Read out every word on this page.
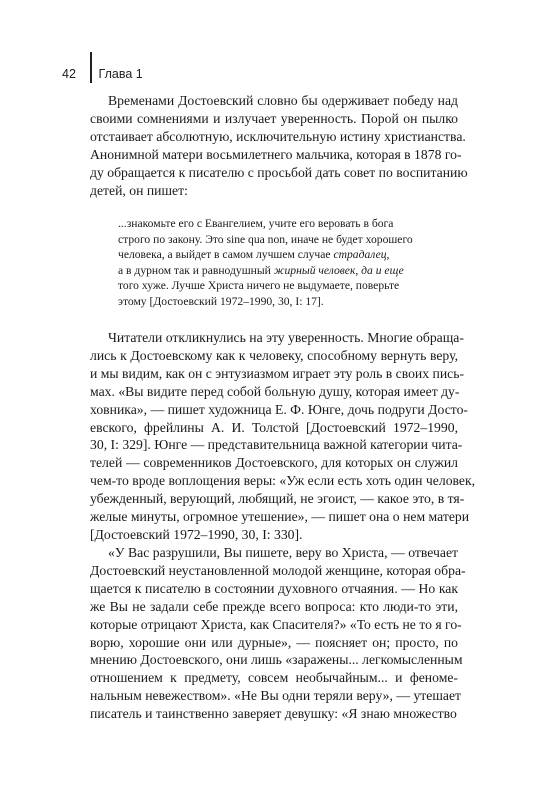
42	Глава 1
Временами Достоевский словно бы одерживает победу над
своими сомнениями и излучает уверенность. Порой он пылко
отстаивает абсолютную, исключительную истину христианства.
Анонимной матери восьмилетнего мальчика, которая в 1878 го-
ду обращается к писателю с просьбой дать совет по воспитанию
детей, он пишет:
...знакомьте его с Евангелием, учите его веровать в бога
строго по закону. Это sine qua non, иначе не будет хорошего
человека, а выйдет в самом лучшем случае страдалец,
а в дурном так и равнодушный жирный человек, да и еще
того хуже. Лучше Христа ничего не выдумаете, поверьте
этому [Достоевский 1972–1990, 30, I: 17].
Читатели откликнулись на эту уверенность. Многие обраща-
лись к Достоевскому как к человеку, способному вернуть веру,
и мы видим, как он с энтузиазмом играет эту роль в своих пись-
мах. «Вы видите перед собой больную душу, которая имеет ду-
ховника», — пишет художница Е. Ф. Юнге, дочь подруги Досто-
евского, фрейлины А. И. Толстой [Достоевский 1972–1990,
30, I: 329]. Юнге — представительница важной категории чита-
телей — современников Достоевского, для которых он служил
чем-то вроде воплощения веры: «Уж если есть хоть один человек,
убежденный, верующий, любящий, не эгоист, — какое это, в тя-
желые минуты, огромное утешение», — пишет она о нем матери
[Достоевский 1972–1990, 30, I: 330].
«У Вас разрушили, Вы пишете, веру во Христа, — отвечает
Достоевский неустановленной молодой женщине, которая обра-
щается к писателю в состоянии духовного отчаяния. — Но как
же Вы не задали себе прежде всего вопроса: кто люди-то эти,
которые отрицают Христа, как Спасителя?» «То есть не то я го-
ворю, хорошие они или дурные», — поясняет он; просто, по
мнению Достоевского, они лишь «заражены... легкомысленным
отношением к предмету, совсем необычайным... и феноме-
нальным невежеством». «Не Вы одни теряли веру», — утешает
писатель и таинственно заверяет девушку: «Я знаю множество
